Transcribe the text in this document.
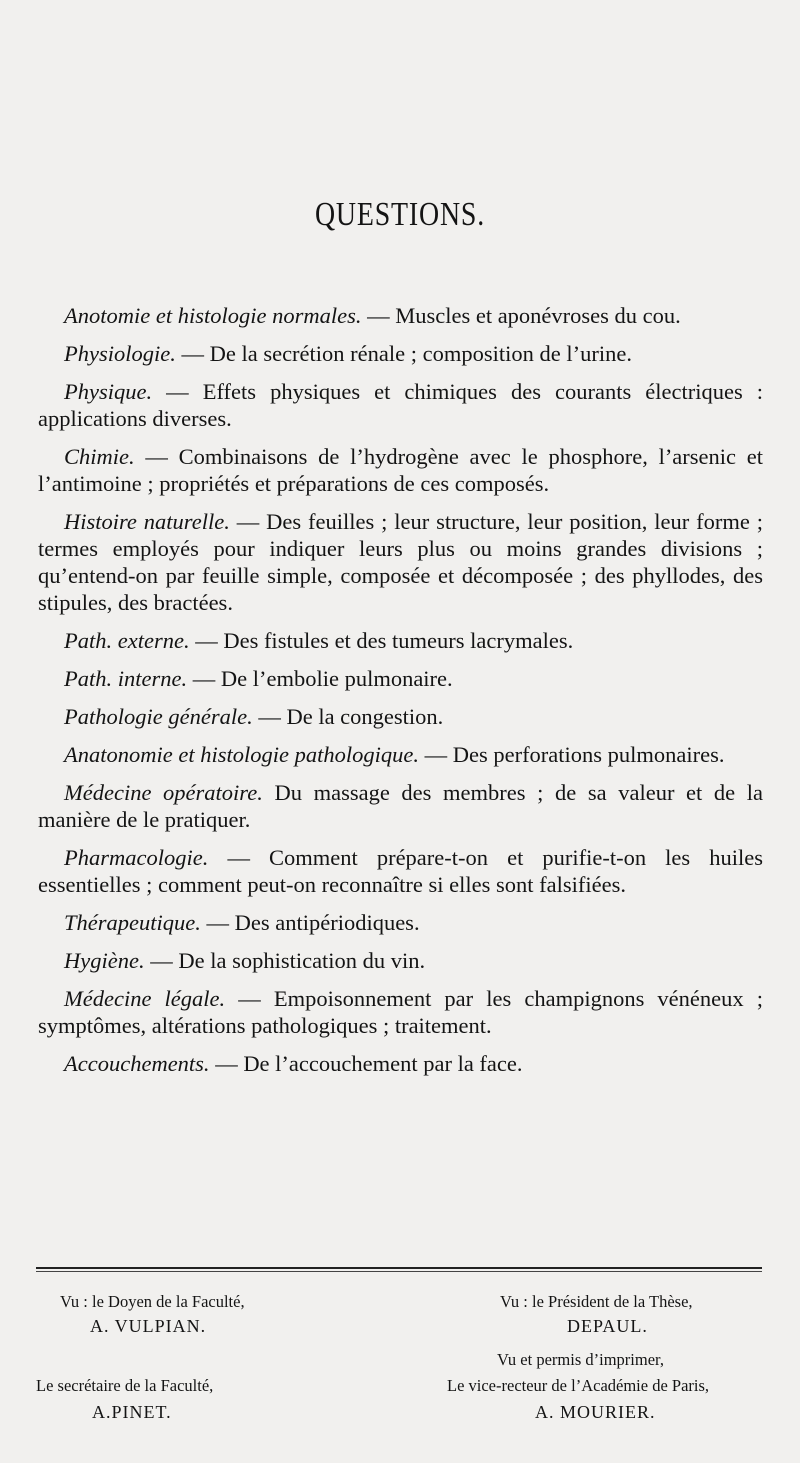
QUESTIONS.

Anotomie et histologie normales. — Muscles et aponévroses du cou.

Physiologie. — De la secrétion rénale ; composition de l’urine.

Physique. — Effets physiques et chimiques des courants électriques : applications diverses.

Chimie. — Combinaisons de l’hydrogène avec le phosphore, l’arsenic et l’antimoine ; propriétés et préparations de ces composés.

Histoire naturelle. — Des feuilles ; leur structure, leur position, leur forme ; termes employés pour indiquer leurs plus ou moins grandes divisions ; qu’entend-on par feuille simple, composée et décomposée ; des phyllodes, des stipules, des bractées.

Path. externe. — Des fistules et des tumeurs lacrymales.

Path. interne. — De l’embolie pulmonaire.

Pathologie générale. — De la congestion.

Anatonomie et histologie pathologique. — Des perforations pulmonaires.

Médecine opératoire. Du massage des membres ; de sa valeur et de la manière de le pratiquer.

Pharmacologie. — Comment prépare-t-on et purifie-t-on les huiles essentielles ; comment peut-on reconnaître si elles sont falsifiées.

Thérapeutique. — Des antipériodiques.

Hygiène. — De la sophistication du vin.

Médecine légale. — Empoisonnement par les champignons vénéneux ; symptômes, altérations pathologiques ; traitement.

Accouchements. — De l’accouchement par la face.

Vu : le Doyen de la Faculté,
A. VULPIAN.
Vu : le Président de la Thèse,
DEPAUL.
Vu et permis d’imprimer,
Le secrétaire de la Faculté,
A.PINET.
Le vice-recteur de l’Académie de Paris,
A. MOURIER.
